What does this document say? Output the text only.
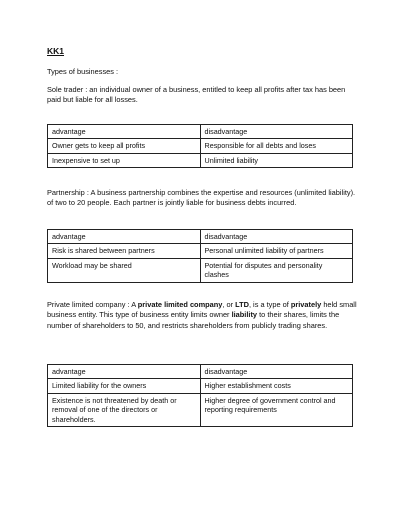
KK1
Types of businesses :
Sole trader : an individual owner of a business, entitled to keep all profits after tax has been paid but liable for all losses.
advantage	disadvantage
Owner gets to keep all profits	Responsible for all debts and loses
Inexpensive to set up	Unlimited liability
Partnership : A business partnership combines the expertise and resources (unlimited liability). of two to 20 people. Each partner is jointly liable for business debts incurred.
advantage	disadvantage
Risk is shared between partners	Personal unlimited liability of partners
Workload may be shared	Potential for disputes and personality clashes
Private limited company : A private limited company, or LTD, is a type of privately held small business entity. This type of business entity limits owner liability to their shares, limits the number of shareholders to 50, and restricts shareholders from publicly trading shares.
advantage	disadvantage
Limited liability for the owners	Higher establishment costs
Existence is not threatened by death or removal of one of the directors or shareholders.	Higher degree of government control and reporting requirements
